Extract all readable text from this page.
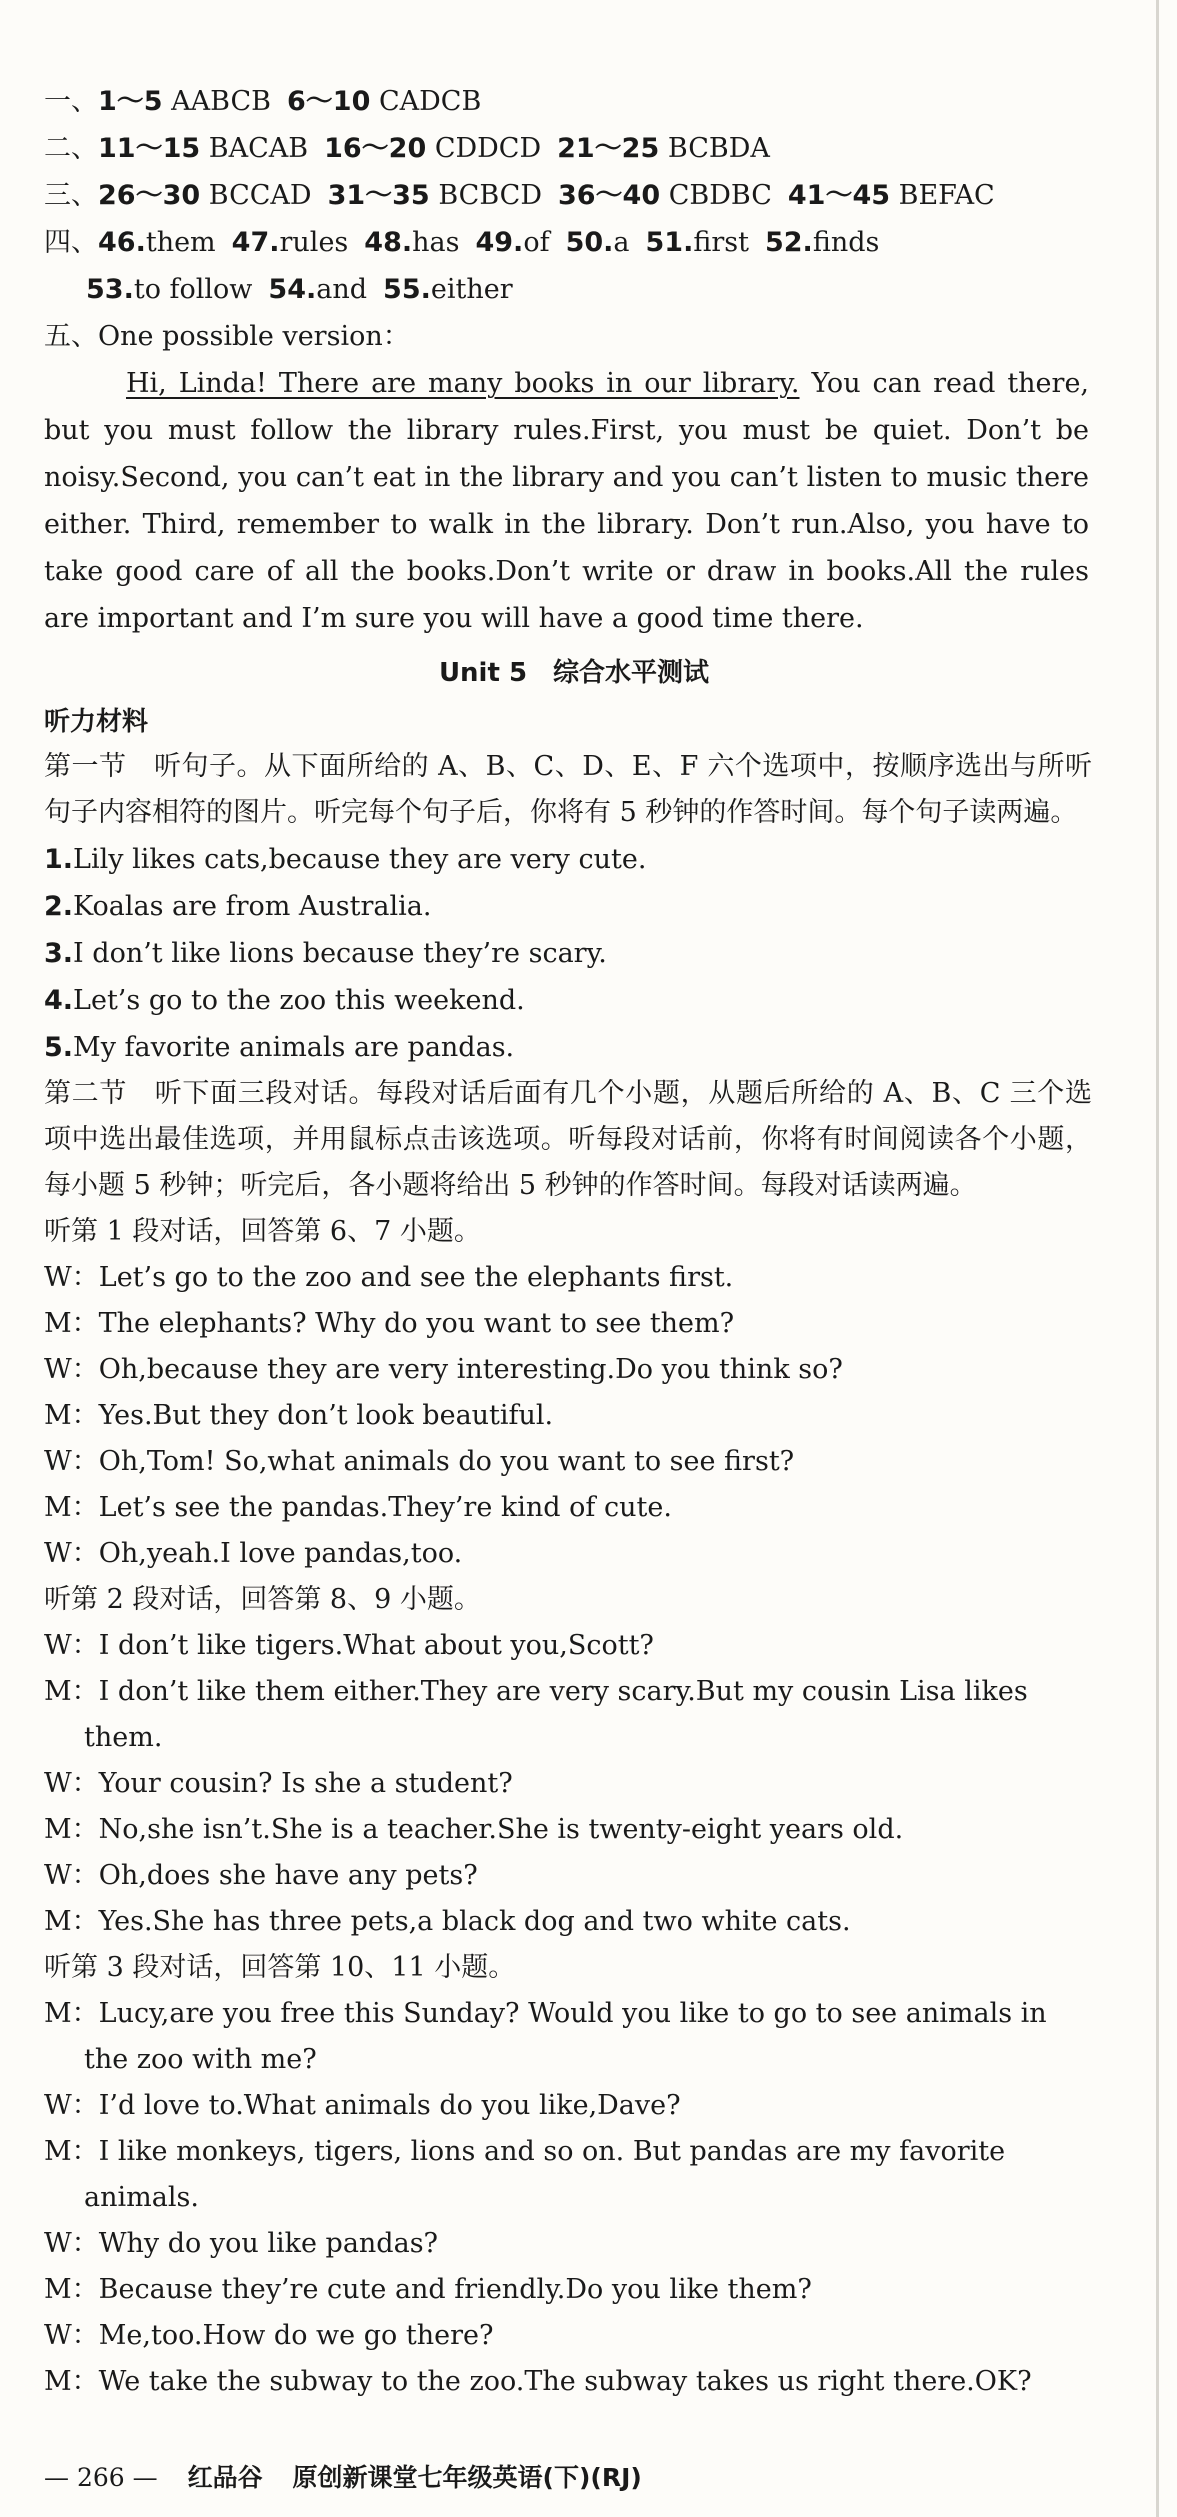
一、1～5 AABCB 6～10 CADCB
二、11～15 BACAB 16～20 CDDCD 21～25 BCBDA
三、26～30 BCCAD 31～35 BCBCD 36～40 CBDBC 41～45 BEFAC
四、46.them 47.rules 48.has 49.of 50.a 51.first 52.finds
53.to follow 54.and 55.either
五、One possible version：

Hi, Linda! There are many books in our library. You can read there, but you must follow the library rules.First, you must be quiet. Don’t be noisy.Second, you can’t eat in the library and you can’t listen to music there either. Third, remember to walk in the library. Don’t run.Also, you have to take good care of all the books.Don’t write or draw in books.All the rules are important and I’m sure you will have a good time there.

Unit 5　综合水平测试
听力材料

第一节　听句子。从下面所给的 A、B、C、D、E、F 六个选项中，按顺序选出与所听句子内容相符的图片。听完每个句子后，你将有 5 秒钟的作答时间。每个句子读两遍。

1.Lily likes cats,because they are very cute.
2.Koalas are from Australia.
3.I don’t like lions because they’re scary.
4.Let’s go to the zoo this weekend.
5.My favorite animals are pandas.

第二节　听下面三段对话。每段对话后面有几个小题，从题后所给的 A、B、C 三个选项中选出最佳选项，并用鼠标点击该选项。听每段对话前，你将有时间阅读各个小题，每小题 5 秒钟；听完后，各小题将给出 5 秒钟的作答时间。每段对话读两遍。

听第 1 段对话，回答第 6、7 小题。
W：Let’s go to the zoo and see the elephants first.
M：The elephants? Why do you want to see them?
W：Oh,because they are very interesting.Do you think so?
M：Yes.But they don’t look beautiful.
W：Oh,Tom! So,what animals do you want to see first?
M：Let’s see the pandas.They’re kind of cute.
W：Oh,yeah.I love pandas,too.
听第 2 段对话，回答第 8、9 小题。
W：I don’t like tigers.What about you,Scott?
M：I don’t like them either.They are very scary.But my cousin Lisa likes
them.
W：Your cousin? Is she a student?
M：No,she isn’t.She is a teacher.She is twenty-eight years old.
W：Oh,does she have any pets?
M：Yes.She has three pets,a black dog and two white cats.
听第 3 段对话，回答第 10、11 小题。
M：Lucy,are you free this Sunday? Would you like to go to see animals in
the zoo with me?
W：I’d love to.What animals do you like,Dave?
M：I like monkeys, tigers, lions and so on. But pandas are my favorite
animals.
W：Why do you like pandas?
M：Because they’re cute and friendly.Do you like them?
W：Me,too.How do we go there?
M：We take the subway to the zoo.The subway takes us right there.OK?
— 266 — 红品谷 原创新课堂七年级英语(下)(RJ)
